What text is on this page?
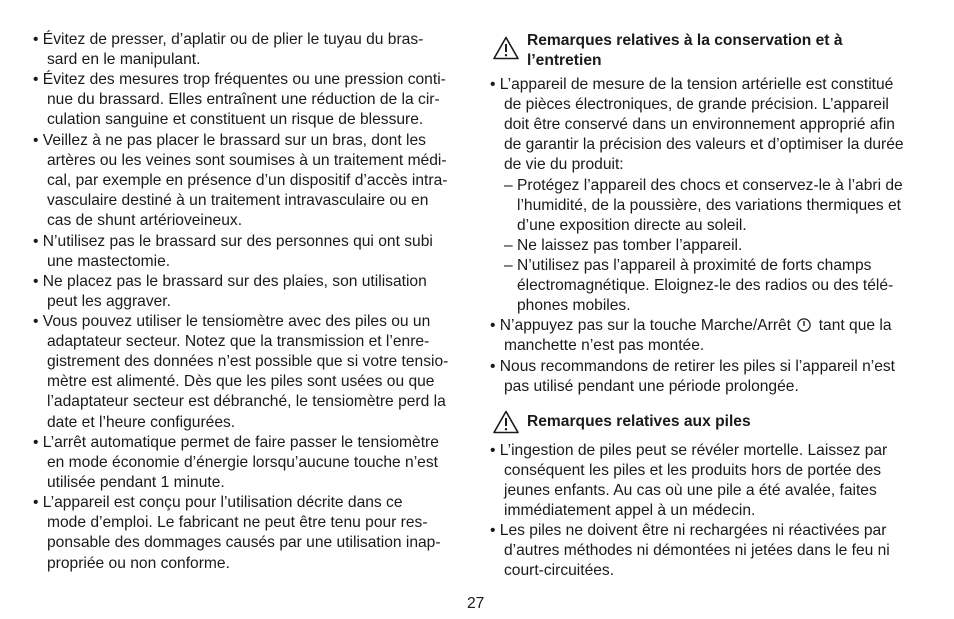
• Évitez de presser, d’aplatir ou de plier le tuyau du bras-
sard en le manipulant.
• Évitez des mesures trop fréquentes ou une pression conti-
nue du brassard. Elles entraînent une réduction de la cir-
culation sanguine et constituent un risque de blessure.
• Veillez à ne pas placer le brassard sur un bras, dont les
artères ou les veines sont soumises à un traitement médi-
cal, par exemple en présence d’un dispositif d’accès intra-
vasculaire destiné à un traitement intravasculaire ou en
cas de shunt artérioveineux.
• N’utilisez pas le brassard sur des personnes qui ont subi
une mastectomie.
• Ne placez pas le brassard sur des plaies, son utilisation
peut les aggraver.
• Vous pouvez utiliser le tensiomètre avec des piles ou un
adaptateur secteur. Notez que la transmission et l’enre-
gistrement des données n’est possible que si votre tensio-
mètre est alimenté. Dès que les piles sont usées ou que
l’adaptateur secteur est débranché, le tensiomètre perd la
date et l’heure configurées.
• L’arrêt automatique permet de faire passer le tensiomètre
en mode économie d’énergie lorsqu’aucune touche n’est
utilisée pendant 1 minute.
• L’appareil est conçu pour l’utilisation décrite dans ce
mode d’emploi. Le fabricant ne peut être tenu pour res-
ponsable des dommages causés par une utilisation inap-
propriée ou non conforme.
Remarques relatives à la conservation et à
l’entretien
• L’appareil de mesure de la tension artérielle est constitué
de pièces électroniques, de grande précision. L’appareil
doit être conservé dans un environnement approprié afin
de garantir la précision des valeurs et d’optimiser la durée
de vie du produit:
– Protégez l’appareil des chocs et conservez-le à l’abri de
l’humidité, de la poussière, des variations thermiques et
d’une exposition directe au soleil.
– Ne laissez pas tomber l’appareil.
– N’utilisez pas l’appareil à proximité de forts champs
électromagnétique. Eloignez-le des radios ou des télé-
phones mobiles.
• N’appuyez pas sur la touche Marche/Arrêt tant que la
manchette n’est pas montée.
• Nous recommandons de retirer les piles si l’appareil n’est
pas utilisé pendant une période prolongée.
Remarques relatives aux piles
• L’ingestion de piles peut se révéler mortelle. Laissez par
conséquent les piles et les produits hors de portée des
jeunes enfants. Au cas où une pile a été avalée, faites
immédiatement appel à un médecin.
• Les piles ne doivent être ni rechargées ni réactivées par
d’autres méthodes ni démontées ni jetées dans le feu ni
court-circuitées.
27
